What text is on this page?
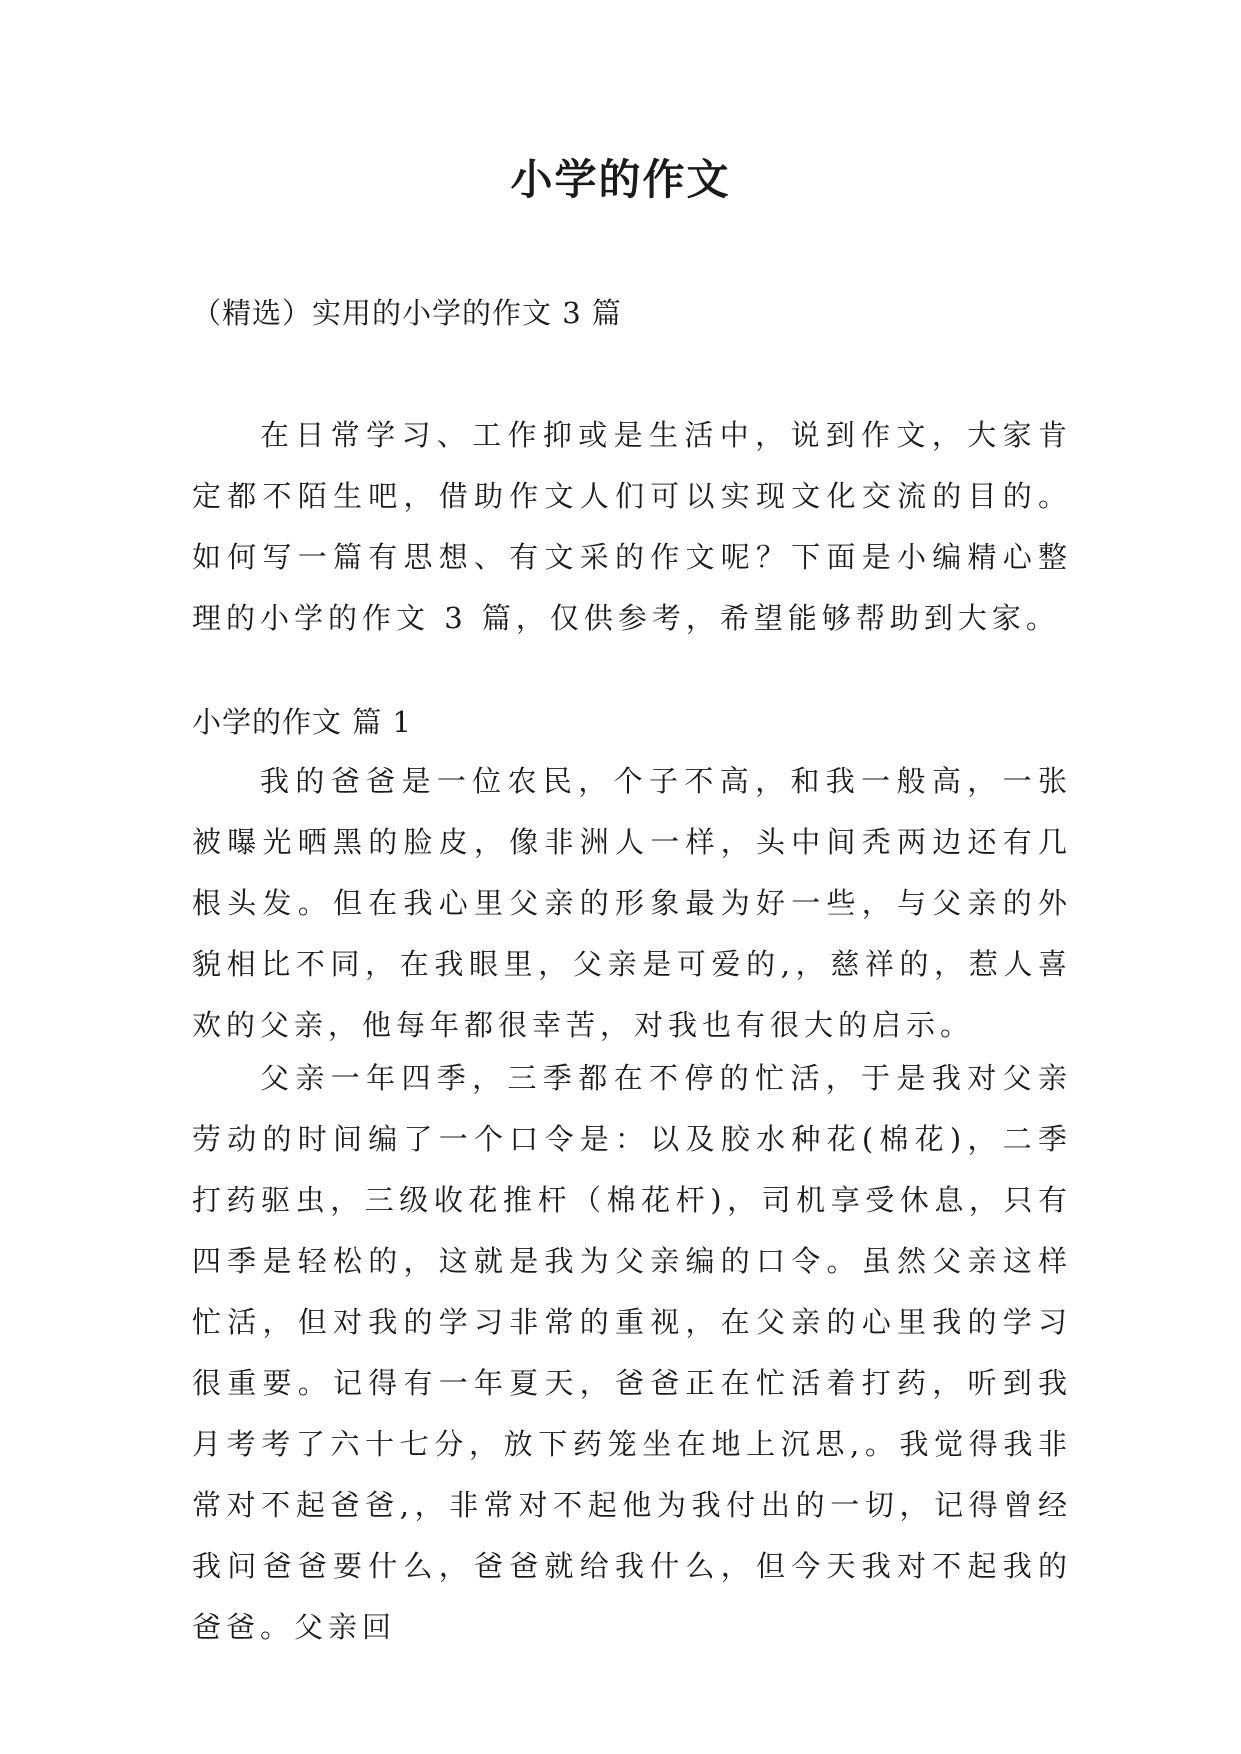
小学的作文

（精选）实用的小学的作文 3 篇

在日常学习、工作抑或是生活中，说到作文，大家肯定都不陌生吧，借助作文人们可以实现文化交流的目的。如何写一篇有思想、有文采的作文呢？下面是小编精心整理的小学的作文 3 篇，仅供参考，希望能够帮助到大家。

小学的作文 篇 1

我的爸爸是一位农民，个子不高，和我一般高，一张被曝光晒黑的脸皮，像非洲人一样，头中间秃两边还有几根头发。但在我心里父亲的形象最为好一些，与父亲的外貌相比不同，在我眼里，父亲是可爱的,，慈祥的，惹人喜欢的父亲，他每年都很幸苦，对我也有很大的启示。

父亲一年四季，三季都在不停的忙活，于是我对父亲劳动的时间编了一个口令是：以及胶水种花(棉花)，二季打药驱虫，三级收花推杆（棉花杆)，司机享受休息，只有四季是轻松的，这就是我为父亲编的口令。虽然父亲这样忙活，但对我的学习非常的重视，在父亲的心里我的学习很重要。记得有一年夏天，爸爸正在忙活着打药，听到我月考考了六十七分，放下药笼坐在地上沉思,。我觉得我非常对不起爸爸,，非常对不起他为我付出的一切，记得曾经我问爸爸要什么，爸爸就给我什么，但今天我对不起我的爸爸。父亲回
